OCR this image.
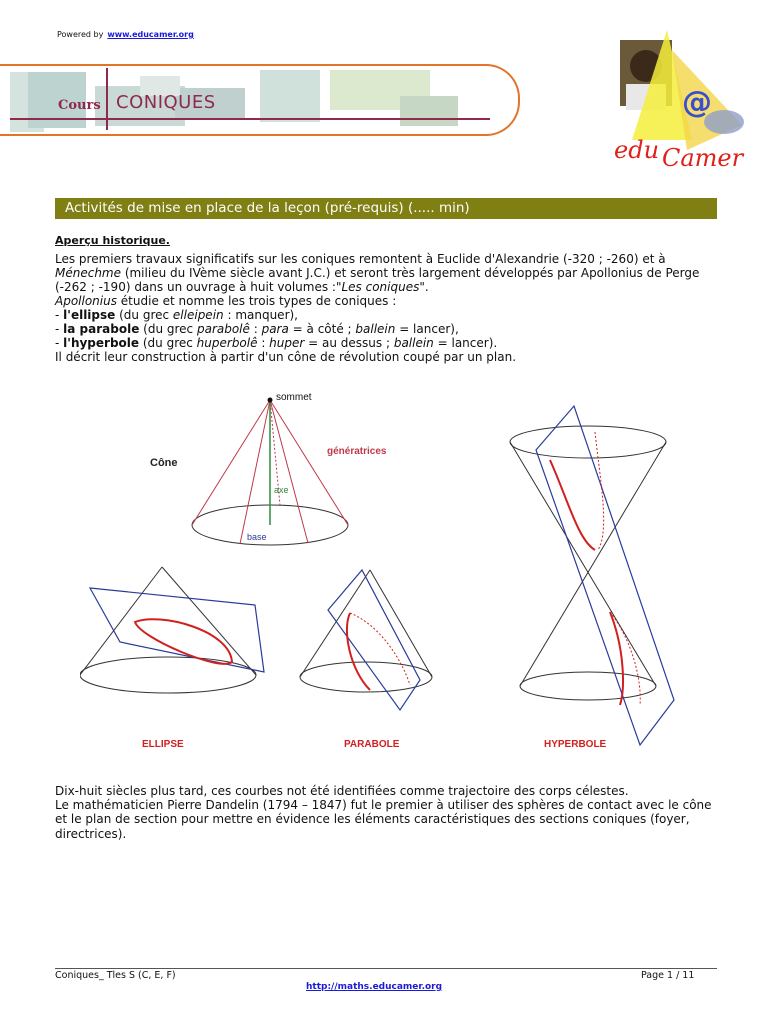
Powered by www.educamer.org
Cours CONIQUES	@
edu Camer
Activités de mise en place de la leçon (pré-requis) (..... min)
Aperçu historique.

Les premiers travaux significatifs sur les coniques remontent à Euclide d'Alexandrie (-320 ; -260) et à Ménechme (milieu du IVème siècle avant J.C.) et seront très largement développés par Apollonius de Perge (-262 ; -190) dans un ouvrage à huit volumes :"Les coniques".

Apollonius étudie et nomme les trois types de coniques :

- l'ellipse (du grec elleipein : manquer),

- la parabole (du grec parabolê : para = à côté ; ballein = lancer),

- l'hyperbole (du grec huperbolê : huper = au dessus ; ballein = lancer).

Il décrit leur construction à partir d'un cône de révolution coupé par un plan.

Cône
sommet
génératrices
axe
base
ELLIPSE	PARABOLE	HYPERBOLE

Dix-huit siècles plus tard, ces courbes not été identifiées comme trajectoire des corps célestes.

Le mathématicien Pierre Dandelin (1794 – 1847) fut le premier à utiliser des sphères de contact avec le cône et le plan de section pour mettre en évidence les éléments caractéristiques des sections coniques (foyer, directrices).

Coniques_ Tles S (C, E, F)	Page 1 / 11
http://maths.educamer.org
